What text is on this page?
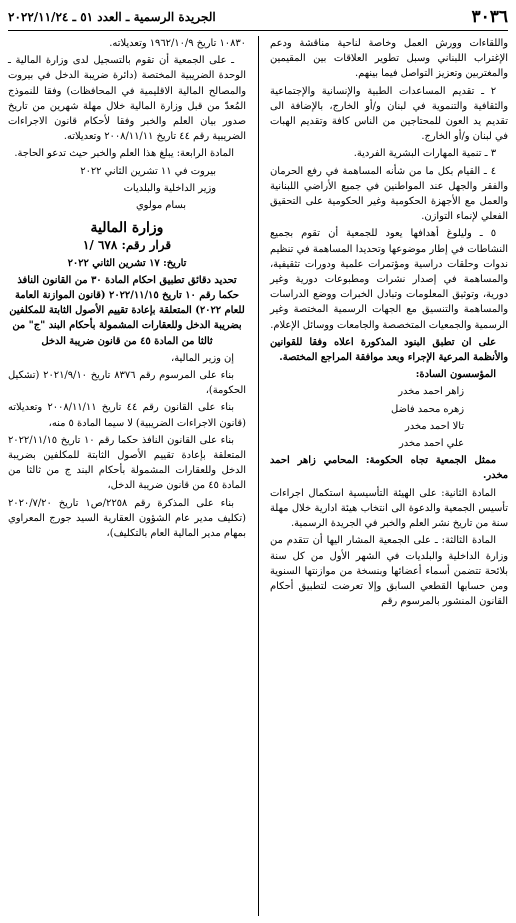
الجريدة الرسمية ـ العدد ٥١ ـ ٢٠٢٢/١١/٢٤	٣٠٣٦

واللقاءات وورش العمل وخاصة لناحية مناقشة ودعم الإغتراب اللبناني وسبل تطوير العلاقات بين المقيمين والمغتربين وتعزيز التواصل فيما بينهم.

٢ ـ تقديم المساعدات الطبية والإنسانية والإجتماعية والثقافية والتنموية في لبنان و/أو الخارج، بالإضافة الى تقديم يد العون للمحتاجين من الناس كافة وتقديم الهبات في لبنان و/أو الخارج.

٣ ـ تنمية المهارات البشرية الفردية.

٤ ـ القيام بكل ما من شأنه المساهمة في رفع الحرمان والفقر والجهل عند المواطنين في جميع الأراضي اللبنانية والعمل مع الأجهزة الحكومية وغير الحكومية على التحقيق الفعلي لإنماء التوازن.

٥ ـ وليلوغ أهدافها يعود للجمعية أن تقوم بجميع النشاطات في إطار موضوعها وتحديدا المساهمة في تنظيم ندوات وحلقات دراسية ومؤتمرات علمية ودورات تثقيفية، والمساهمة في إصدار نشرات ومطبوعات دورية وغير دورية، وتوثيق المعلومات وتبادل الخبرات ووضع الدراسات والمساهمة والتنسيق مع الجهات الرسمية المختصة وغير الرسمية والجمعيات المتخصصة والجامعات ووسائل الإعلام.

على ان تطبق البنود المذكورة اعلاه وفقا للقوانين والأنظمة المرعية الإجراء وبعد موافقة المراجع المختصة.

المؤسسون السادة:

زاهر احمد مخدر

زهره محمد فاضل

تالا احمد مخدر

علي احمد مخدر

ممثل الجمعية تجاه الحكومة: المحامي زاهر احمد مخدر.

المادة الثانية: على الهيئة التأسيسية استكمال اجراءات تأسيس الجمعية والدعوة الى انتخاب هيئة ادارية خلال مهلة سنة من تاريخ نشر العلم والخبر في الجريدة الرسمية.

المادة الثالثة: ـ على الجمعية المشار اليها أن تتقدم من وزارة الداخلية والبلديات في الشهر الأول من كل سنة بلائحة تتضمن أسماء أعضائها وبنسخة من موازنتها السنوية ومن حسابها القطعي السابق وإلا تعرضت لتطبيق أحكام القانون المنشور بالمرسوم رقم

١٠٨٣٠ تاريخ ١٩٦٢/١٠/٩ وتعديلاته.

ـ على الجمعية أن تقوم بالتسجيل لدى وزارة المالية ـ الوحدة الضريبية المختصة (دائرة ضريبة الدخل في بيروت والمصالح المالية الاقليمية في المحافظات) وفقا للنموذج المُعدّ من قبل وزارة المالية خلال مهلة شهرين من تاريخ صدور بيان العلم والخبر وفقا لأحكام قانون الاجراءات الضريبية رقم ٤٤ تاريخ ٢٠٠٨/١١/١١ وتعديلاته.

المادة الرابعة: يبلغ هذا العلم والخبر حيث تدعو الحاجة.

بيروت في ١١ تشرين الثاني ٢٠٢٢

وزير الداخلية والبلديات

بسام مولوي

وزارة المالية
قرار رقم: ٦٧٨ /١

تاريخ: ١٧ تشرين الثاني ٢٠٢٢

تحديد دقائق تطبيق احكام المادة ٣٠ من القانون النافذ حكما رقم ١٠ تاريخ ٢٠٢٢/١١/١٥ (قانون الموازنة العامة للعام ٢٠٢٢) المتعلقة بإعادة تقييم الأصول الثابتة للمكلفين بضريبة الدخل وللعقارات المشمولة بأحكام البند "ج" من ثالثا من المادة ٤٥ من قانون ضريبة الدخل

إن وزير المالية،

بناء على المرسوم رقم ٨٣٧٦ تاريخ ٢٠٢١/٩/١٠ (تشكيل الحكومة)،

بناء على القانون رقم ٤٤ تاريخ ٢٠٠٨/١١/١١ وتعديلاته (قانون الاجراءات الضريبية) لا سيما المادة ٥ منه،

بناء على القانون النافذ حكما رقم ١٠ تاريخ ٢٠٢٢/١١/١٥ المتعلقة بإعادة تقييم الأصول الثابتة للمكلفين بضريبة الدخل وللعقارات المشمولة بأحكام البند ج من ثالثا من المادة ٤٥ من قانون ضريبة الدخل،

بناء على المذكرة رقم ٢٢٥٨/ص١ تاريخ ٢٠٢٠/٧/٢٠ (تكليف مدير عام الشؤون العقارية السيد جورج المعراوي بمهام مدير المالية العام بالتكليف)،
